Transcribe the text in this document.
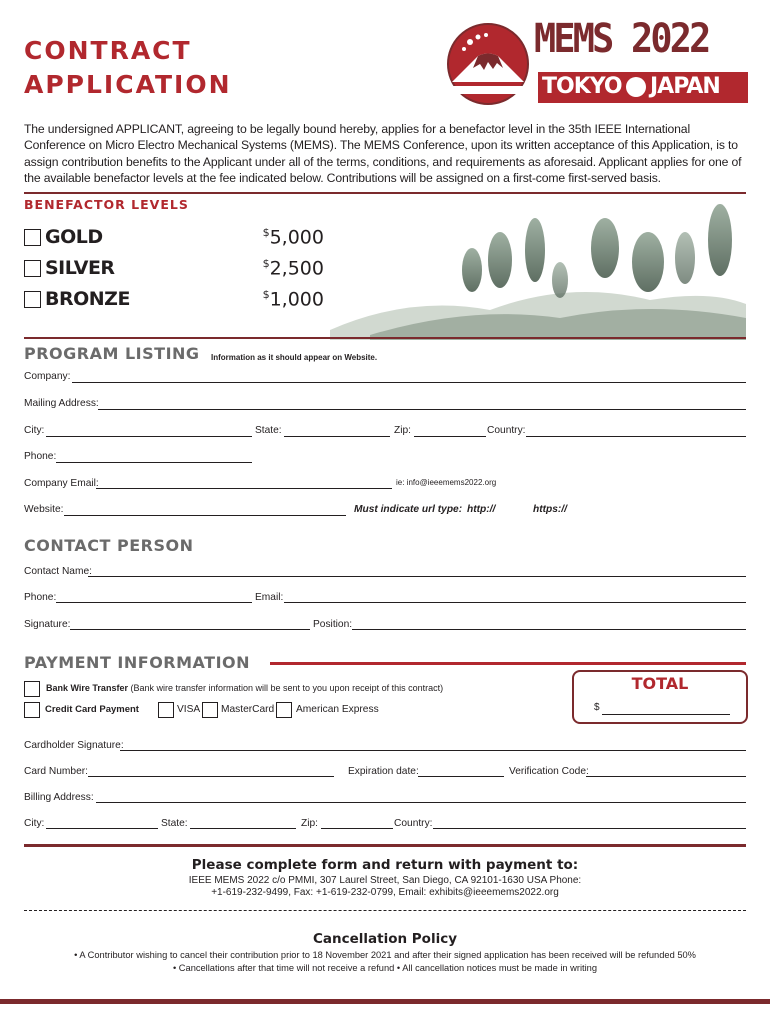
CONTRACT
APPLICATION
MEMS 2022
TOKYO JAPAN
The undersigned APPLICANT, agreeing to be legally bound hereby, applies for a benefactor level in the 35th IEEE International Conference on Micro Electro Mechanical Systems (MEMS). The MEMS Conference, upon its written acceptance of this Application, is to assign contribution benefits to the Applicant under all of the terms, conditions, and requirements as aforesaid. Applicant applies for one of the available benefactor levels at the fee indicated below. Contributions will be assigned on a first-come first-served basis.
BENEFACTOR LEVELS
GOLD	$5,000
SILVER	$2,500
BRONZE	$1,000
PROGRAM LISTING Information as it should appear on Website.
Company:
Mailing Address:
City:	State:	Zip:	Country:
Phone:
Company Email:	ie: info@ieeemems2022.org
Website:	Must indicate url type: http://	https://
CONTACT PERSON
Contact Name:
Phone:	Email:
Signature:	Position:
PAYMENT INFORMATION
Bank Wire Transfer (Bank wire transfer information will be sent to you upon receipt of this contract)
Credit Card Payment	VISA MasterCard American Express
TOTAL
$
Cardholder Signature:
Card Number:	Expiration date:	Verification Code:
Billing Address:
City:	State:	Zip:	Country:
Please complete form and return with payment to:
IEEE MEMS 2022 c/o PMMI, 307 Laurel Street, San Diego, CA 92101-1630 USA Phone:
+1-619-232-9499, Fax: +1-619-232-0799, Email: exhibits@ieeemems2022.org
Cancellation Policy
• A Contributor wishing to cancel their contribution prior to 18 November 2021 and after their signed application has been received will be refunded 50%
• Cancellations after that time will not receive a refund • All cancellation notices must be made in writing
